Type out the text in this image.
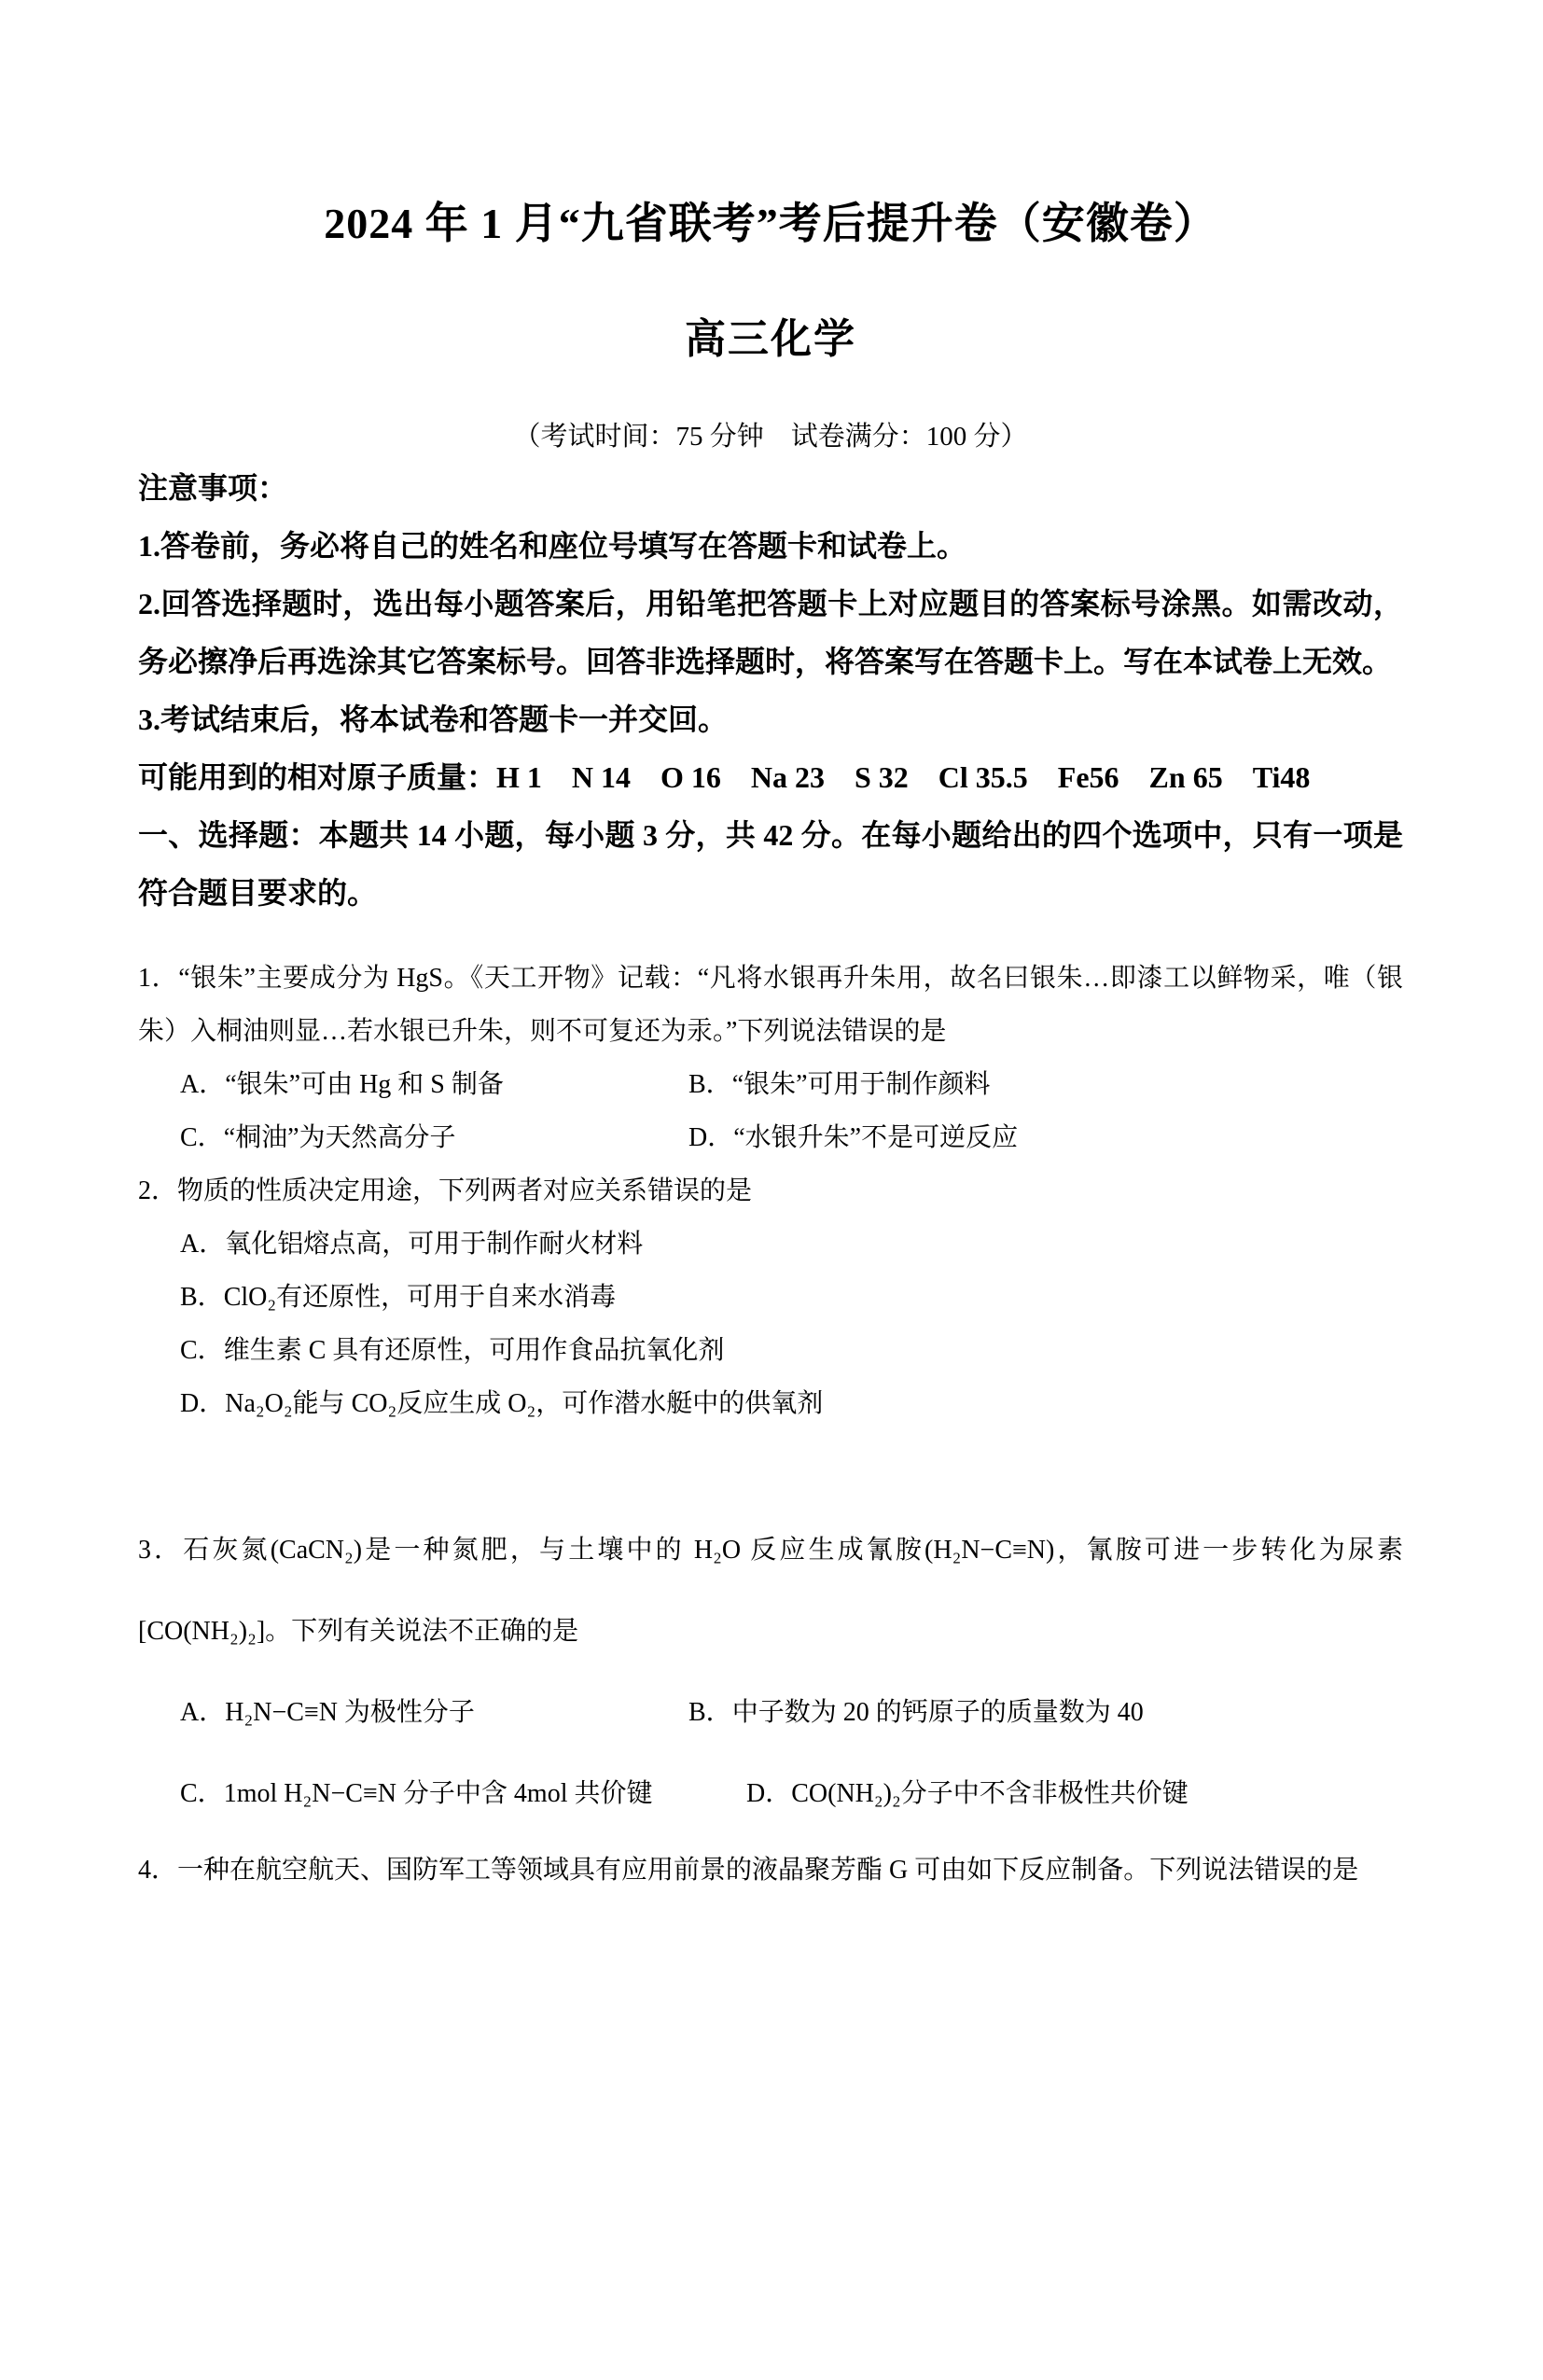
2024 年 1 月“九省联考”考后提升卷（安徽卷）
高三化学
（考试时间：75 分钟　试卷满分：100 分）
注意事项：
1.答卷前，务必将自己的姓名和座位号填写在答题卡和试卷上。
2.回答选择题时，选出每小题答案后，用铅笔把答题卡上对应题目的答案标号涂黑。如需改动，务必擦净后再选涂其它答案标号。回答非选择题时，将答案写在答题卡上。写在本试卷上无效。
3.考试结束后，将本试卷和答题卡一并交回。
可能用到的相对原子质量：H 1　N 14　O 16　Na 23　S 32　Cl 35.5　Fe56　Zn 65　Ti48
一、选择题：本题共 14 小题，每小题 3 分，共 42 分。在每小题给出的四个选项中，只有一项是符合题目要求的。
1．“银朱”主要成分为 HgS。《天工开物》记载：“凡将水银再升朱用，故名曰银朱…即漆工以鲜物采，唯（银朱）入桐油则显…若水银已升朱，则不可复还为汞。”下列说法错误的是
A．“银朱”可由 Hg 和 S 制备	B．“银朱”可用于制作颜料
C．“桐油”为天然高分子	D．“水银升朱”不是可逆反应
2．物质的性质决定用途，下列两者对应关系错误的是
A．氧化铝熔点高，可用于制作耐火材料
B．ClO₂有还原性，可用于自来水消毒
C．维生素 C 具有还原性，可用作食品抗氧化剂
D．Na₂O₂能与 CO₂反应生成 O₂，可作潜水艇中的供氧剂
3．石灰氮(CaCN₂)是一种氮肥，与土壤中的 H₂O 反应生成氰胺(H₂N−C≡N)，氰胺可进一步转化为尿素[CO(NH₂)₂]。下列有关说法不正确的是
A．H₂N−C≡N 为极性分子	B．中子数为 20 的钙原子的质量数为 40
C．1mol H₂N−C≡N 分子中含 4mol 共价键	D．CO(NH₂)₂分子中不含非极性共价键
4．一种在航空航天、国防军工等领域具有应用前景的液晶聚芳酯 G 可由如下反应制备。下列说法错误的是
